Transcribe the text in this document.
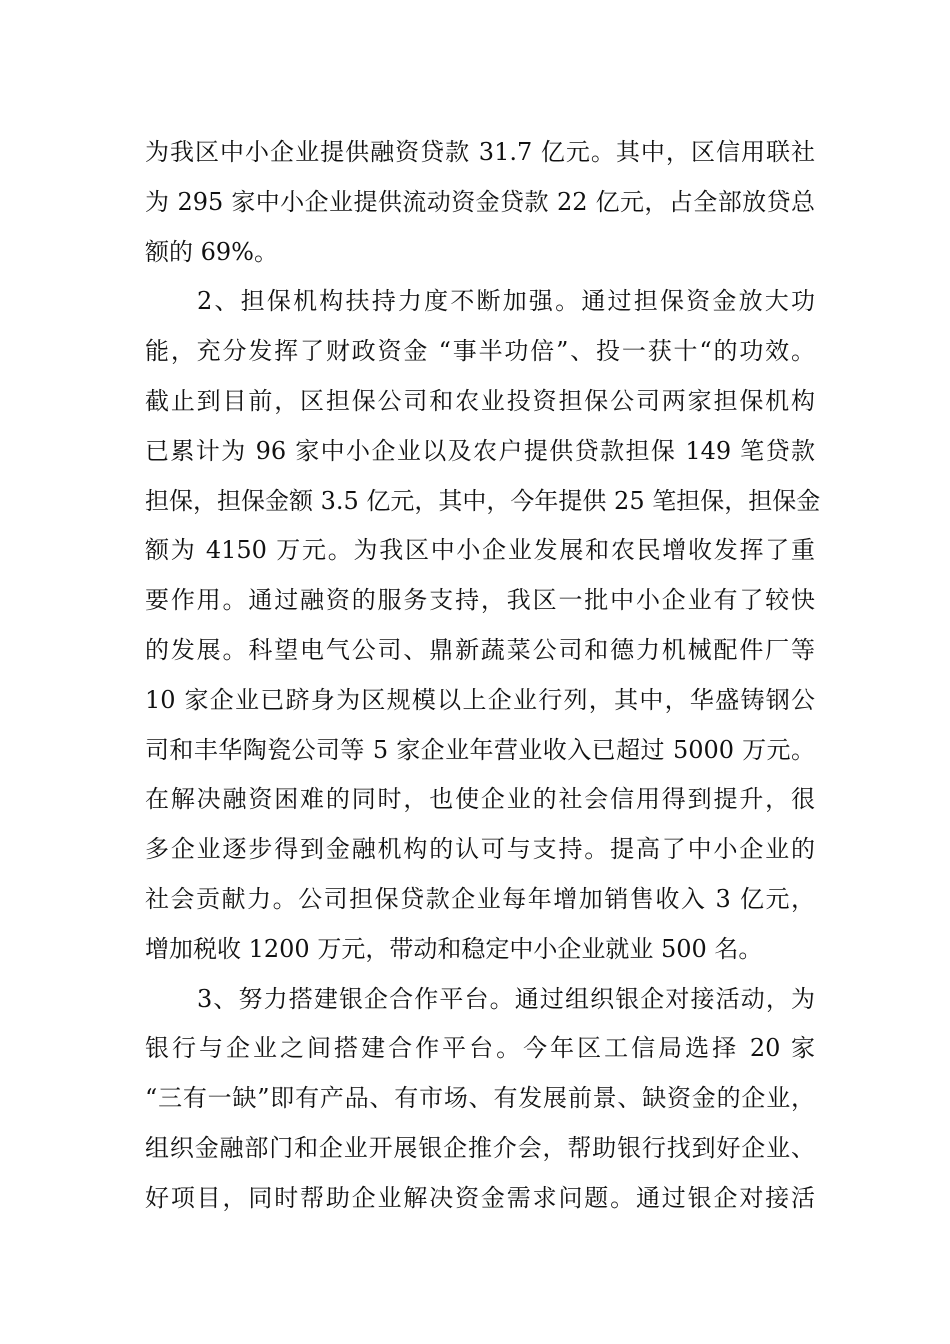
为我区中小企业提供融资贷款 31.7 亿元。其中，区信用联社
为 295 家中小企业提供流动资金贷款 22 亿元，占全部放贷总
额的 69%。
2、担保机构扶持力度不断加强。通过担保资金放大功
能，充分发挥了财政资金 “事半功倍”、投一获十“的功效。
截止到目前，区担保公司和农业投资担保公司两家担保机构
已累计为 96 家中小企业以及农户提供贷款担保 149 笔贷款
担保，担保金额 3.5 亿元，其中，今年提供 25 笔担保，担保金
额为 4150 万元。为我区中小企业发展和农民增收发挥了重
要作用。通过融资的服务支持，我区一批中小企业有了较快
的发展。科望电气公司、鼎新蔬菜公司和德力机械配件厂等
10 家企业已跻身为区规模以上企业行列，其中，华盛铸钢公
司和丰华陶瓷公司等 5 家企业年营业收入已超过 5000 万元。
在解决融资困难的同时，也使企业的社会信用得到提升，很
多企业逐步得到金融机构的认可与支持。提高了中小企业的
社会贡献力。公司担保贷款企业每年增加销售收入 3 亿元，
增加税收 1200 万元，带动和稳定中小企业就业 500 名。
3、努力搭建银企合作平台。通过组织银企对接活动，为
银行与企业之间搭建合作平台。今年区工信局选择 20 家
“三有一缺”即有产品、有市场、有发展前景、缺资金的企业，
组织金融部门和企业开展银企推介会，帮助银行找到好企业、
好项目，同时帮助企业解决资金需求问题。通过银企对接活
